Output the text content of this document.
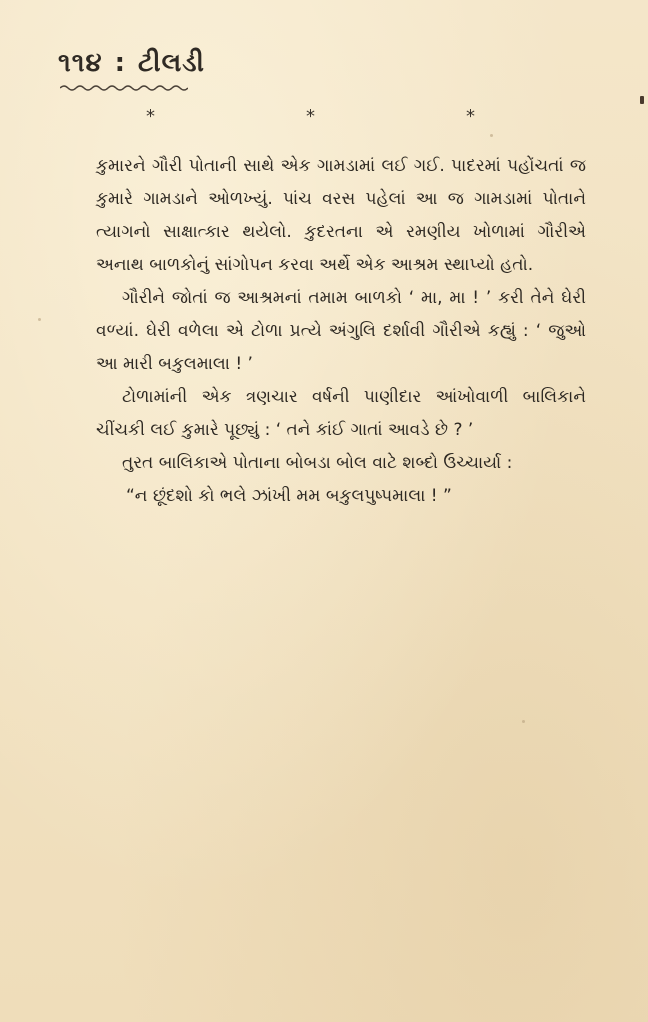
૧૧૪ : ટીલડી
*	*	*

કુમારને ગૌરી પોતાની સાથે એક ગામડામાં લઈ ગઈ. પાદરમાં પહોંચતાં જ કુમારે ગામડાને ઓળખ્યું. પાંચ વરસ પહેલાં આ જ ગામડામાં પોતાને ત્યાગનો સાક્ષાત્કાર થયેલો. કુદરતના એ રમણીય ખોળામાં ગૌરીએ અનાથ બાળકોનું સાંગોપન કરવા અર્થે એક આશ્રમ સ્થાપ્યો હતો.

ગૌરીને જોતાં જ આશ્રમનાં તમામ બાળકો ‘ મા, મા ! ’ કરી તેને ઘેરી વળ્યાં. ઘેરી વળેલા એ ટોળા પ્રત્યે અંગુલિ દર્શાવી ગૌરીએ કહ્યું : ‘ જુઓ આ મારી બકુલમાલા ! ’

ટોળામાંની એક ત્રણચાર વર્ષની પાણીદાર આંખોવાળી બાલિકાને ચીંચકી લઈ કુમારે પૂછ્યું : ‘ તને કાંઈ ગાતાં આવડે છે ? ’

તુરત બાલિકાએ પોતાના બોબડા બોલ વાટે શબ્દો ઉચ્ચાર્યા :

“ન છૂંદશો કો ભલે ઝાંખી મમ બકુલપુષ્પમાલા ! ”
